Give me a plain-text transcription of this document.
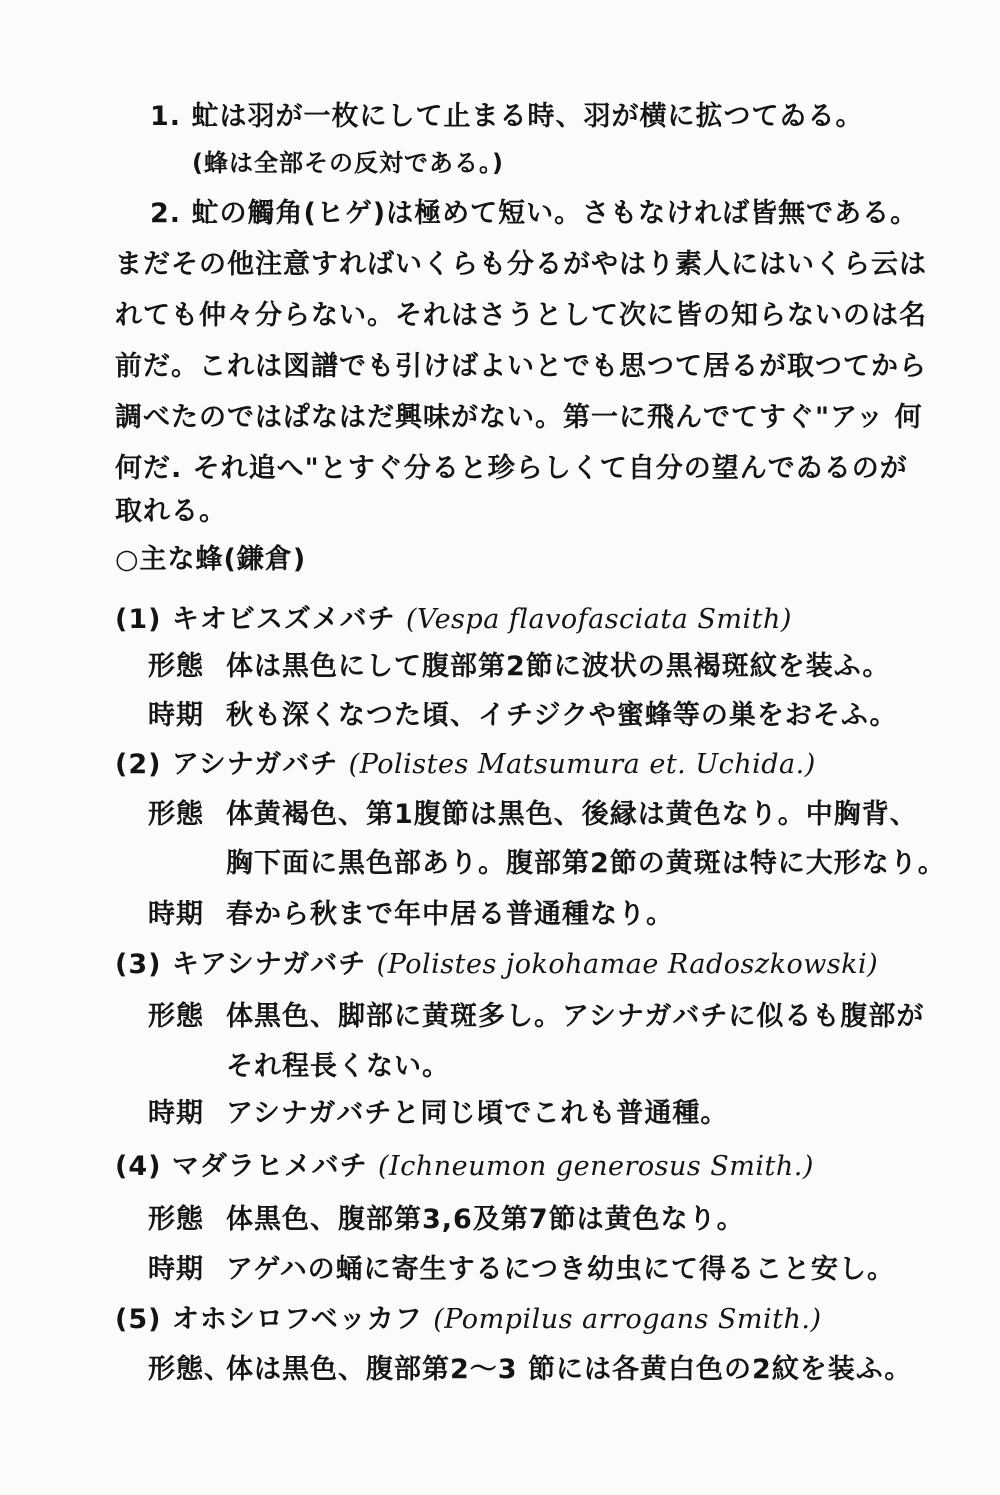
1. 虻は羽が一枚にして止まる時、羽が横に拡つてゐる。
(蜂は全部その反対である。)
2. 虻の觸角(ヒゲ)は極めて短い。さもなければ皆無である。
まだその他注意すればいくらも分るがやはり素人にはいくら云は
れても仲々分らない。それはさうとして次に皆の知らないのは名
前だ。これは図譜でも引けばよいとでも思つて居るが取つてから
調べたのではぱなはだ興味がない。第一に飛んでてすぐ"アッ 何
何だ. それ追へ"とすぐ分ると珍らしくて自分の望んでゐるのが
取れる。
○主な蜂(鎌倉)
(1) キオビスズメバチ (Vespa flavofasciata Smith)
形態 体は黒色にして腹部第2節に波状の黒褐斑紋を装ふ。
時期 秋も深くなつた頃、イチジクや蜜蜂等の巣をおそふ。
(2) アシナガバチ (Polistes Matsumura et. Uchida.)
形態 体黄褐色、第1腹節は黒色、後縁は黄色なり。中胸背、
胸下面に黒色部あり。腹部第2節の黄斑は特に大形なり。
時期 春から秋まで年中居る普通種なり。
(3) キアシナガバチ (Polistes jokohamae Radoszkowski)
形態 体黒色、脚部に黄斑多し。アシナガバチに似るも腹部が
それ程長くない。
時期 アシナガバチと同じ頃でこれも普通種。
(4) マダラヒメバチ (Ichneumon generosus Smith.)
形態 体黒色、腹部第3,6及第7節は黄色なり。
時期 アゲハの蛹に寄生するにつき幼虫にて得ること安し。
(5) オホシロフベッカフ (Pompilus arrogans Smith.)
形態、体は黒色、腹部第2〜3 節には各黄白色の2紋を装ふ。
